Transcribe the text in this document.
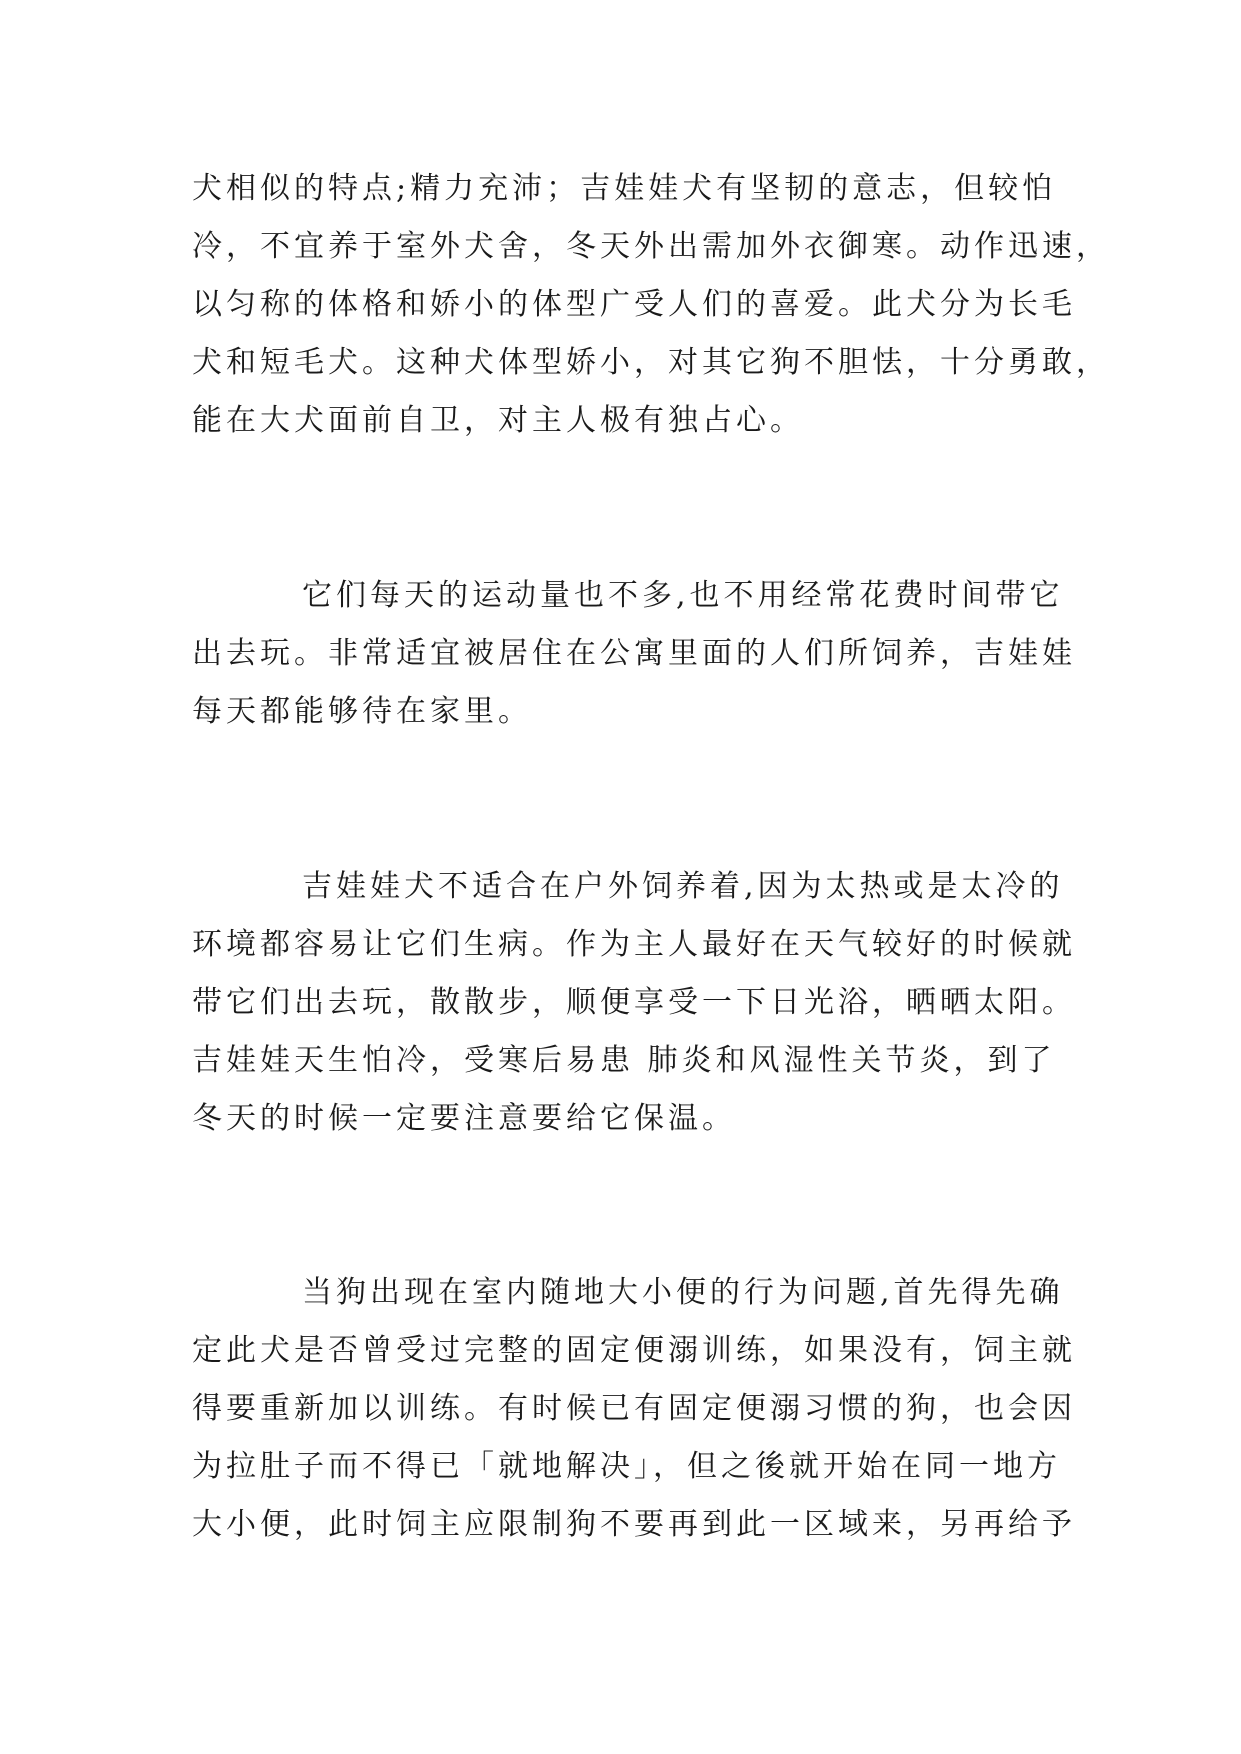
犬相似的特点;精力充沛；吉娃娃犬有坚韧的意志，但较怕
冷，不宜养于室外犬舍，冬天外出需加外衣御寒。动作迅速，
以匀称的体格和娇小的体型广受人们的喜爱。此犬分为长毛
犬和短毛犬。这种犬体型娇小，对其它狗不胆怯，十分勇敢，
能在大犬面前自卫，对主人极有独占心。
它们每天的运动量也不多,也不用经常花费时间带它
出去玩。非常适宜被居住在公寓里面的人们所饲养，吉娃娃
每天都能够待在家里。
吉娃娃犬不适合在户外饲养着,因为太热或是太冷的
环境都容易让它们生病。作为主人最好在天气较好的时候就
带它们出去玩，散散步，顺便享受一下日光浴，晒晒太阳。
吉娃娃天生怕冷，受寒后易患 肺炎和风湿性关节炎，到了
冬天的时候一定要注意要给它保温。
当狗出现在室内随地大小便的行为问题,首先得先确
定此犬是否曾受过完整的固定便溺训练，如果没有，饲主就
得要重新加以训练。有时候已有固定便溺习惯的狗，也会因
为拉肚子而不得已「就地解决」，但之後就开始在同一地方
大小便，此时饲主应限制狗不要再到此一区域来，另再给予
